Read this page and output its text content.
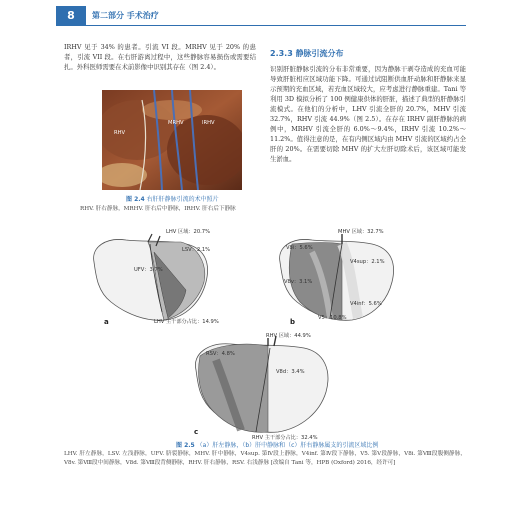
8	第二部分 手术治疗
IRHV 见于 34% 的患者。引流 VI 段。MRHV 见于 20% 的患者，引流 VII 段。在右肝游离过程中，这些静脉容易损伤或需要结扎。外科医师需要在术前影像中识别其存在（图 2.4）。
2.3.3 静脉引流分布
识别肝脏静脉引流的分布非常重要，因为静脉干剥夺造成的充血可能导致肝脏相应区域功能下降。可通过试阻断供血肝动脉和肝静脉来显示预期的充血区域，若充血区域较大，应考虑进行静脉重建。Tani 等利用 3D 模拟分析了 100 例健康供体的肝脏，描述了典型的肝静脉引流模式。在他们的分析中，LHV 引流全肝的 20.7%，MHV 引流 32.7%，RHV 引流 44.9%（图 2.5）。在存在 IRHV 副肝静脉的病例中，MRHV 引流全肝的 6.0%～9.4%，IRHV 引流 10.2%～11.2%。值得注意的是，在有内侧区域内由 MHV 引流的区域约占全肝的 20%。在需要切除 MHV 的扩大左肝切除术后，该区域可能发生淤血。
RHV
MRHV	IRHV
图 2.4 右肝肝静脉引流的术中照片
RHV. 肝右静脉，MRHV. 肝右后中静脉，IRHV. 肝右后下静脉
LHV 区域：20.7%
LSV：2.1%
UFV：3.7%
LHV 主干部分占比：14.9%
a
MHV 区域：32.7%
V8i：5.6%
V4sup：2.1%
V8v：3.1%
V4inf：5.6%
V5：10.8%
b
RHV 区域：44.9%
RSV：4.8%
V8d：3.4%
RHV 主干部分占比：32.4%
c
图 2.5 （a）肝左静脉，（b）肝中静脉和（c）肝右静脉属支的引流区域比例
LHV. 肝左静脉，LSV. 左浅静脉，UFV. 脐裂静脉，MHV. 肝中静脉，V4sup. 第Ⅳ段上静脉，V4inf. 第Ⅳ段下静脉，V5. 第Ⅴ段静脉，V8i. 第Ⅷ段腹侧静脉，V8v. 第Ⅷ段中间静脉，V8d. 第Ⅷ段背侧静脉，RHV. 肝右静脉，RSV. 右浅静脉 [改编自 Tani 等，HPB (Oxford) 2016，经许可]
